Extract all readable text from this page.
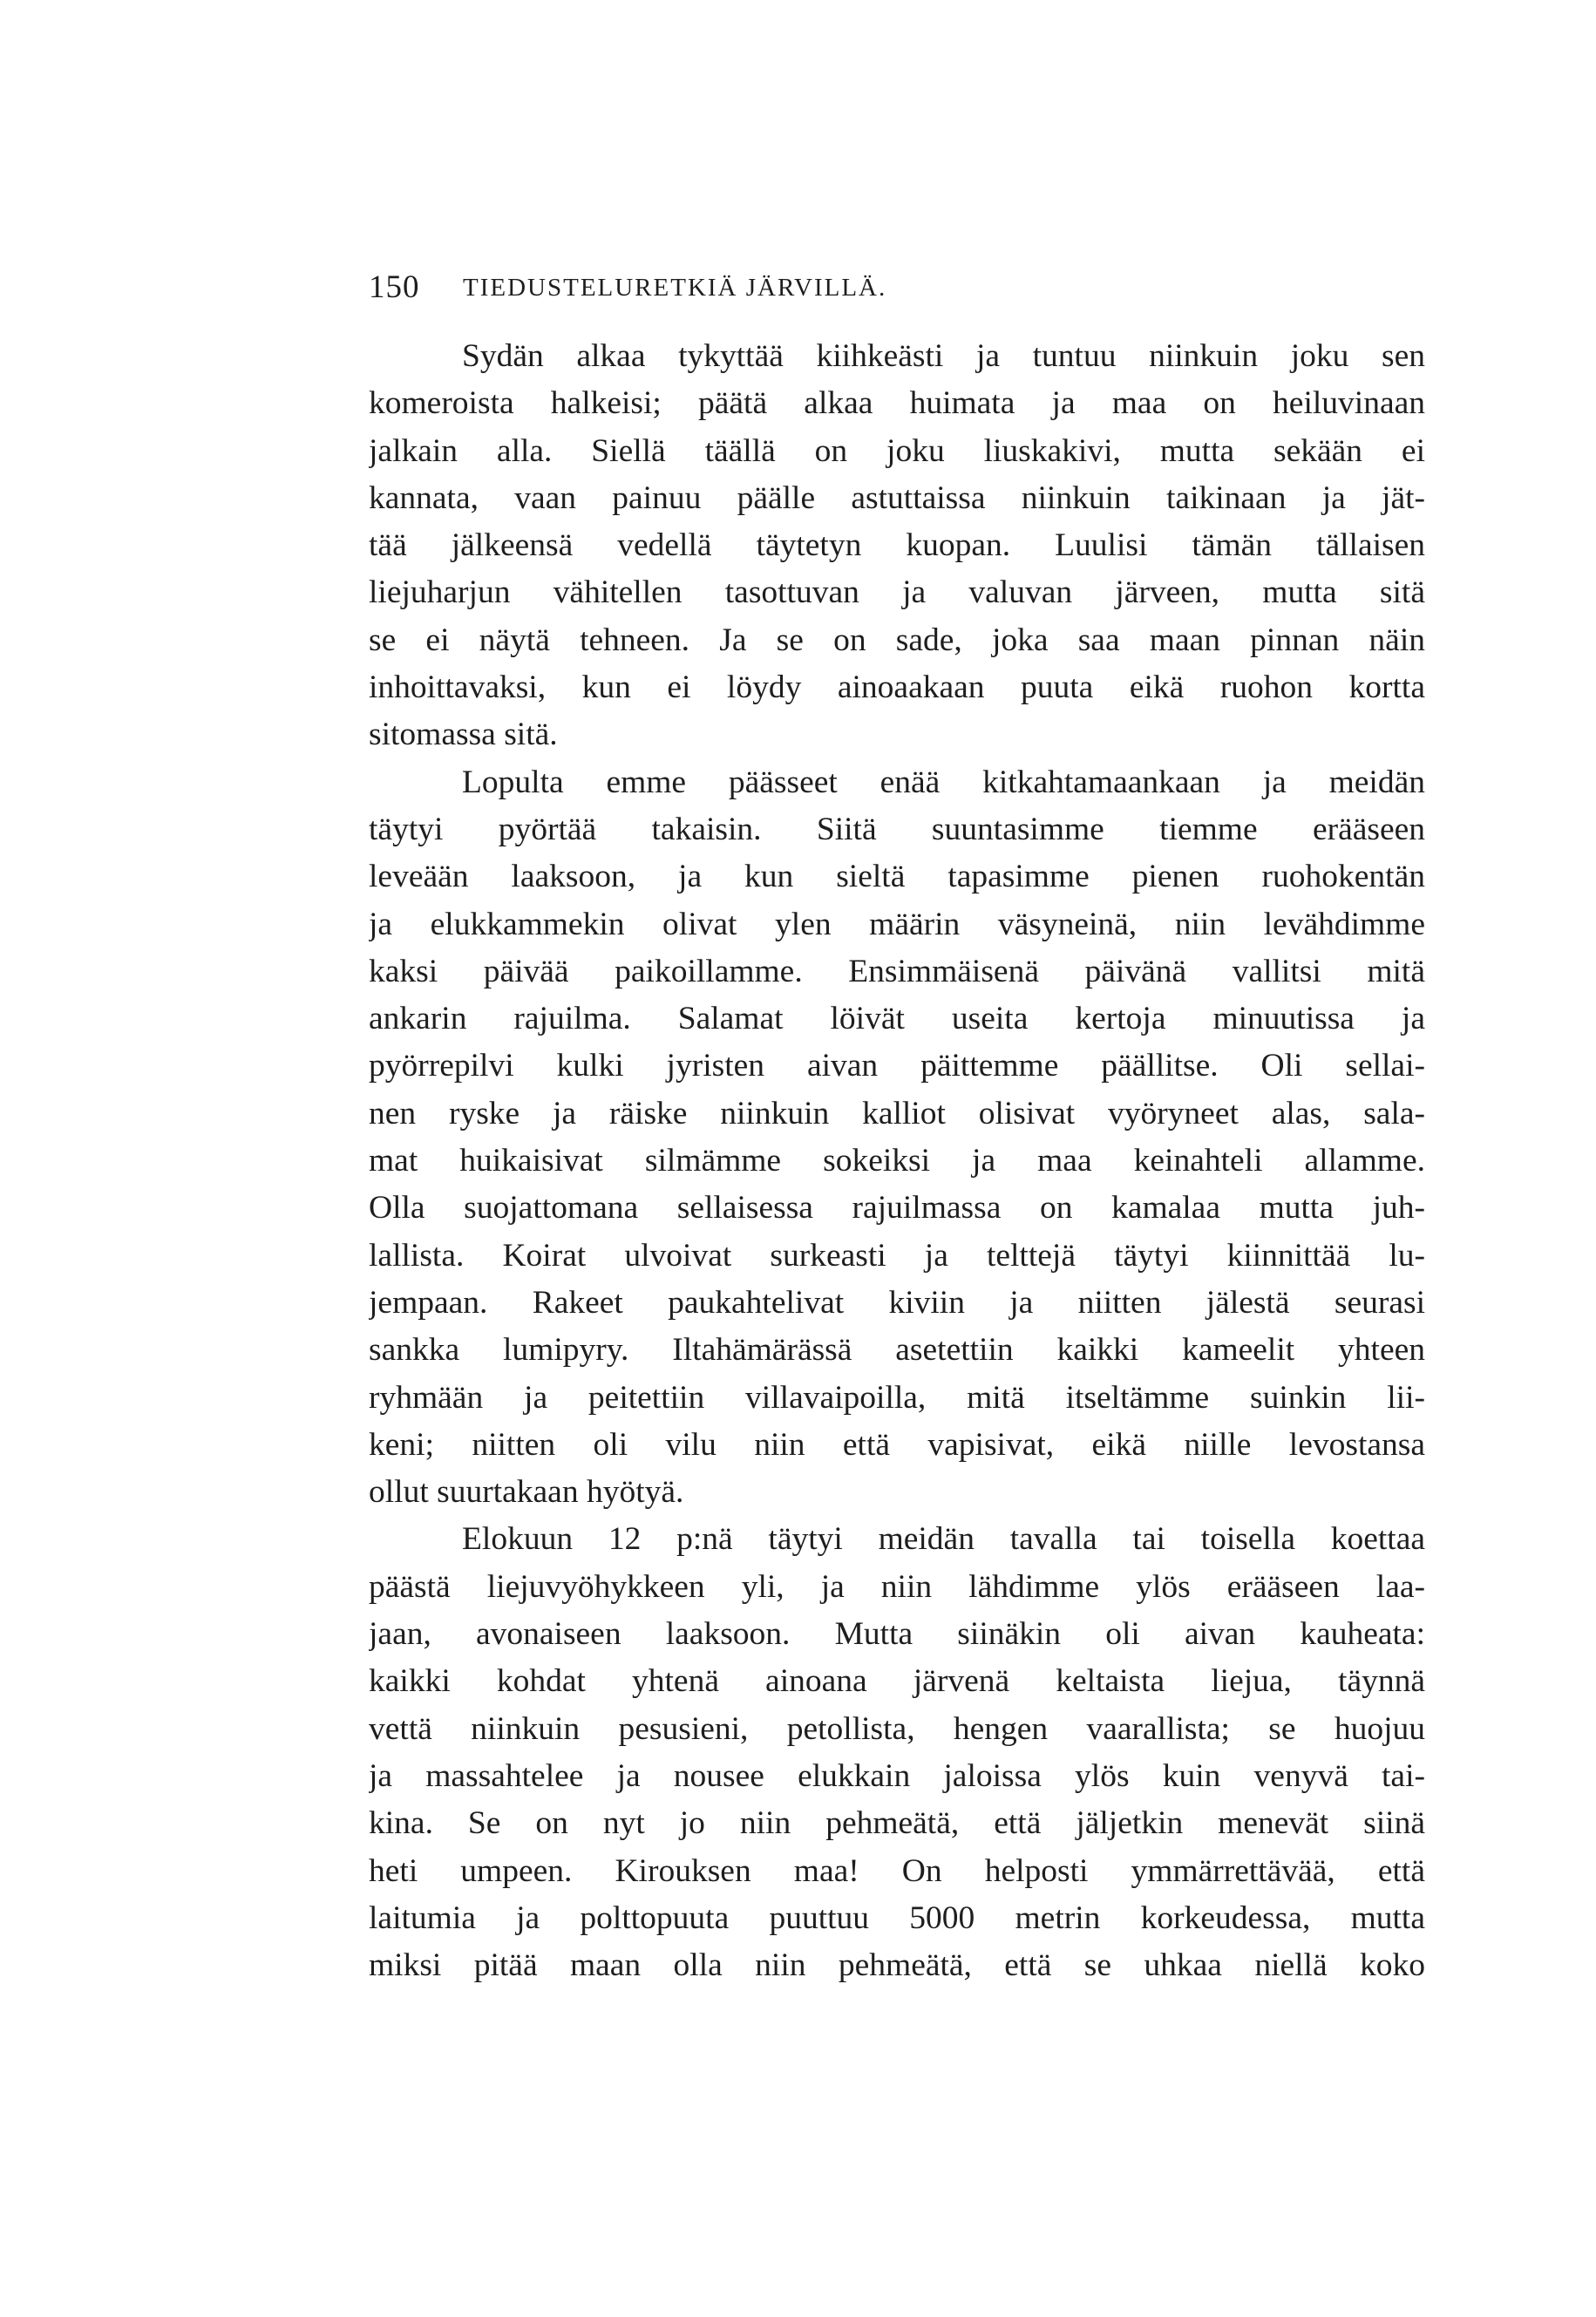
150 TIEDUSTELURETKIÄ JÄRVILLÄ.

Sydän alkaa tykyttää kiihkeästi ja tuntuu niinkuin joku sen
komeroista halkeisi; päätä alkaa huimata ja maa on heiluvinaan
jalkain alla. Siellä täällä on joku liuskakivi, mutta sekään ei
kannata, vaan painuu päälle astuttaissa niinkuin taikinaan ja jät-
tää jälkeensä vedellä täytetyn kuopan. Luulisi tämän tällaisen
liejuharjun vähitellen tasottuvan ja valuvan järveen, mutta sitä
se ei näytä tehneen. Ja se on sade, joka saa maan pinnan näin
inhoittavaksi, kun ei löydy ainoaakaan puuta eikä ruohon kortta
sitomassa sitä.

Lopulta emme päässeet enää kitkahtamaankaan ja meidän
täytyi pyörtää takaisin. Siitä suuntasimme tiemme erääseen
leveään laaksoon, ja kun sieltä tapasimme pienen ruohokentän
ja elukkammekin olivat ylen määrin väsyneinä, niin levähdimme
kaksi päivää paikoillamme. Ensimmäisenä päivänä vallitsi mitä
ankarin rajuilma. Salamat löivät useita kertoja minuutissa ja
pyörrepilvi kulki jyristen aivan päittemme päällitse. Oli sellai-
nen ryske ja räiske niinkuin kalliot olisivat vyöryneet alas, sala-
mat huikaisivat silmämme sokeiksi ja maa keinahteli allamme.
Olla suojattomana sellaisessa rajuilmassa on kamalaa mutta juh-
lallista. Koirat ulvoivat surkeasti ja telttejä täytyi kiinnittää lu-
jempaan. Rakeet paukahtelivat kiviin ja niitten jälestä seurasi
sankka lumipyry. Iltahämärässä asetettiin kaikki kameelit yhteen
ryhmään ja peitettiin villavaipoilla, mitä itseltämme suinkin lii-
keni; niitten oli vilu niin että vapisivat, eikä niille levostansa
ollut suurtakaan hyötyä.

Elokuun 12 p:nä täytyi meidän tavalla tai toisella koettaa
päästä liejuvyöhykkeen yli, ja niin lähdimme ylös erääseen laa-
jaan, avonaiseen laaksoon. Mutta siinäkin oli aivan kauheata:
kaikki kohdat yhtenä ainoana järvenä keltaista liejua, täynnä
vettä niinkuin pesusieni, petollista, hengen vaarallista; se huojuu
ja massahtelee ja nousee elukkain jaloissa ylös kuin venyvä tai-
kina. Se on nyt jo niin pehmeätä, että jäljetkin menevät siinä
heti umpeen. Kirouksen maa! On helposti ymmärrettävää, että
laitumia ja polttopuuta puuttuu 5000 metrin korkeudessa, mutta
miksi pitää maan olla niin pehmeätä, että se uhkaa niellä koko
